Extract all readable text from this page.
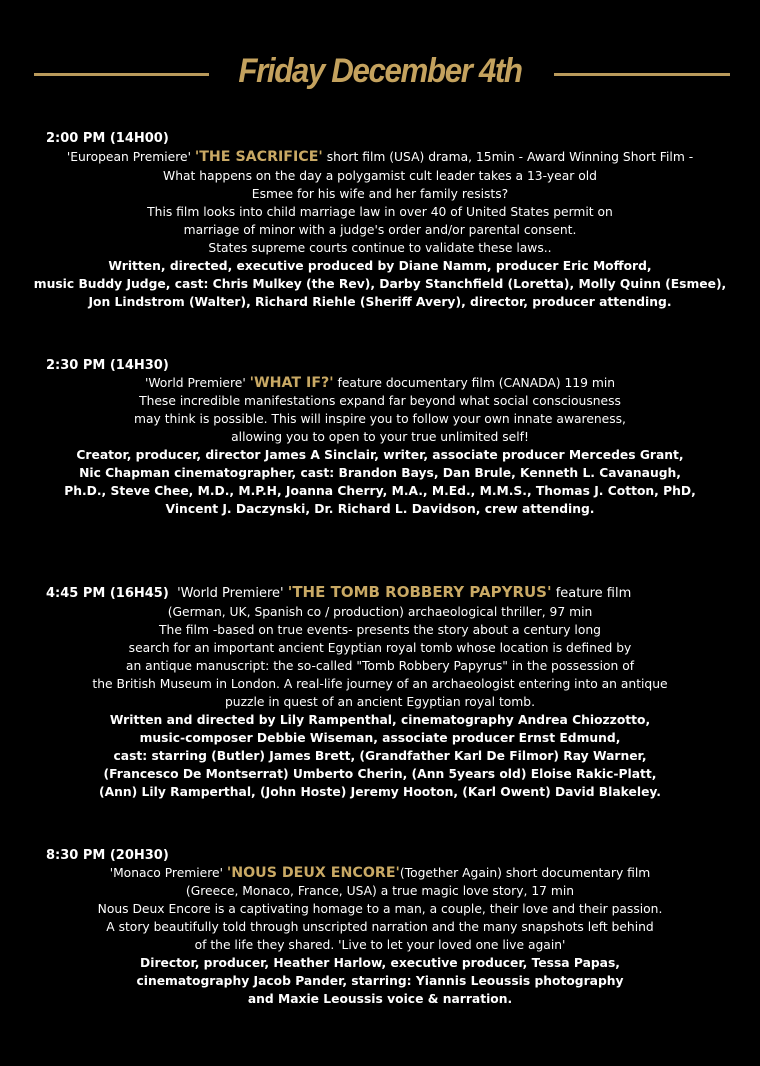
Friday December 4th
2:00 PM (14H00)
'European Premiere' 'THE SACRIFICE' short film (USA) drama, 15min - Award Winning Short Film -
What happens on the day a polygamist cult leader takes a 13-year old
Esmee for his wife and her family resists?
This film looks into child marriage law in over 40 of United States permit on
marriage of minor with a judge's order and/or parental consent.
States supreme courts continue to validate these laws..
Written, directed, executive produced by Diane Namm, producer Eric Mofford,
music Buddy Judge, cast: Chris Mulkey (the Rev), Darby Stanchfield (Loretta), Molly Quinn (Esmee),
Jon Lindstrom (Walter), Richard Riehle (Sheriff Avery), director, producer attending.
2:30 PM (14H30)
'World Premiere' 'WHAT IF?' feature documentary film (CANADA) 119 min
These incredible manifestations expand far beyond what social consciousness
may think is possible. This will inspire you to follow your own innate awareness,
allowing you to open to your true unlimited self!
Creator, producer, director James A Sinclair, writer, associate producer Mercedes Grant,
Nic Chapman cinematographer, cast: Brandon Bays, Dan Brule, Kenneth L. Cavanaugh,
Ph.D., Steve Chee, M.D., M.P.H, Joanna Cherry, M.A., M.Ed., M.M.S., Thomas J. Cotton, PhD,
Vincent J. Daczynski, Dr. Richard L. Davidson, crew attending.
4:45 PM (16H45) 'World Premiere' 'THE TOMB ROBBERY PAPYRUS' feature film
(German, UK, Spanish co / production) archaeological thriller, 97 min
The film -based on true events- presents the story about a century long
search for an important ancient Egyptian royal tomb whose location is defined by
an antique manuscript: the so-called "Tomb Robbery Papyrus" in the possession of
the British Museum in London. A real-life journey of an archaeologist entering into an antique
puzzle in quest of an ancient Egyptian royal tomb.
Written and directed by Lily Rampenthal, cinematography Andrea Chiozzotto,
music-composer Debbie Wiseman, associate producer Ernst Edmund,
cast: starring (Butler) James Brett, (Grandfather Karl De Filmor) Ray Warner,
(Francesco De Montserrat) Umberto Cherin, (Ann 5years old) Eloise Rakic-Platt,
(Ann) Lily Ramperthal, (John Hoste) Jeremy Hooton, (Karl Owent) David Blakeley.
8:30 PM (20H30)
'Monaco Premiere' 'NOUS DEUX ENCORE'(Together Again) short documentary film
(Greece, Monaco, France, USA) a true magic love story, 17 min
Nous Deux Encore is a captivating homage to a man, a couple, their love and their passion.
A story beautifully told through unscripted narration and the many snapshots left behind
of the life they shared. 'Live to let your loved one live again'
Director, producer, Heather Harlow, executive producer, Tessa Papas,
cinematography Jacob Pander, starring: Yiannis Leoussis photography
and Maxie Leoussis voice & narration.
